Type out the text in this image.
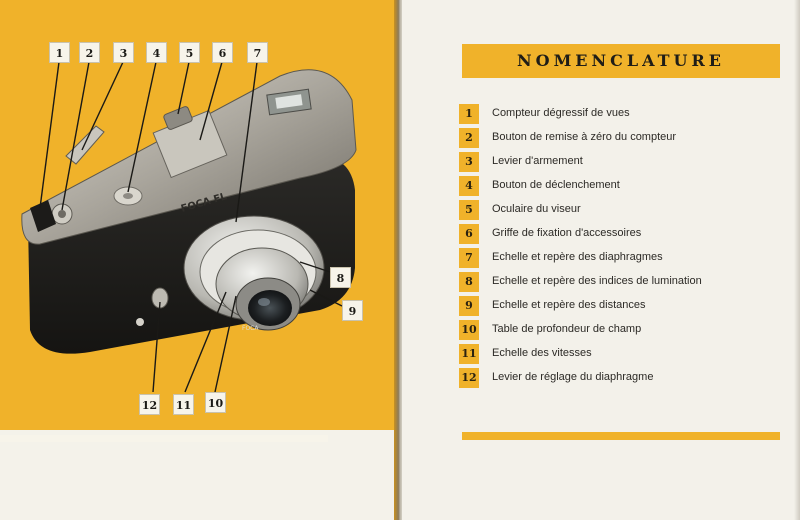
FOCA FL
FOCA
1	2	3	4	5	6	7
8
9
10
11
12
NOMENCLATURE
1	Compteur dégressif de vues
2	Bouton de remise à zéro du compteur
3	Levier d'armement
4	Bouton de déclenchement
5	Oculaire du viseur
6	Griffe de fixation d'accessoires
7	Echelle et repère des diaphragmes
8	Echelle et repère des indices de lumination
9	Echelle et repère des distances
10 Table de profondeur de champ
11 Echelle des vitesses
12 Levier de réglage du diaphragme
